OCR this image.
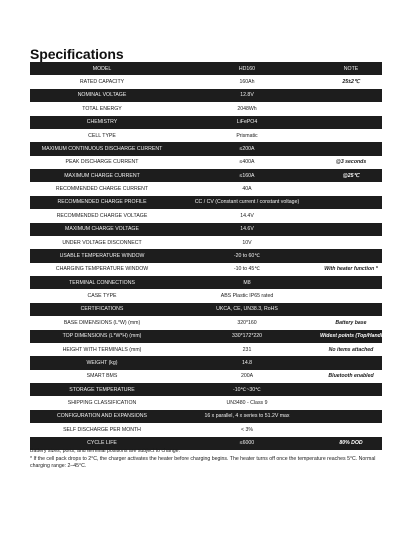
Specifications
MODEL	HD160	NOTE
RATED CAPACITY	160Ah	25±2℃
NOMINAL VOLTAGE	12.8V	
TOTAL ENERGY	2048Wh	
CHEMISTRY	LiFePO4	
CELL TYPE	Prismatic	
MAXIMUM CONTINUOUS DISCHARGE CURRENT	≤200A	
PEAK DISCHARGE CURRENT	≤400A	@3 seconds
MAXIMUM CHARGE CURRENT	≤160A	@25℃
RECOMMENDED CHARGE CURRENT	40A	
RECOMMENDED CHARGE PROFILE	CC / CV (Constant current / constant voltage)	
RECOMMENDED CHARGE VOLTAGE	14.4V	
MAXIMUM CHARGE VOLTAGE	14.6V	
UNDER VOLTAGE DISCONNECT	10V	
USABLE TEMPERATURE WINDOW	-20 to 60℃	
CHARGING TEMPERATURE WINDOW	-10 to 45℃	With heater function *
TERMINAL CONNECTIONS	M8	
CASE TYPE	ABS Plastic IP65 rated	
CERTIFICATIONS	UKCA, CE, UN38.3, RoHS	
BASE DIMENSIONS (L*W) (mm)	320*160	Battery base
TOP DIMENSIONS (L*W*H) (mm)	330*172*220	Widest points (Top/Handles)
HEIGHT WITH TERMINALS (mm)	231	No items attached
WEIGHT (kg)	14.8	
SMART BMS	200A	Bluetooth enabled
STORAGE TEMPERATURE	-10℃~30℃	
SHIPPING CLASSIFICATION	UN3480 - Class 9	
CONFIGURATION AND EXPANSIONS	16 x parallel, 4 x series to 51.2V max	
SELF DISCHARGE PER MONTH	< 3%	
CYCLE LIFE	≤6000	80% DOD

Battery sizes, ports, and terminal positions are subject to change.

* If the cell pack drops to 2°C, the charger activates the heater before charging begins. The heater turns off once the temperature reaches 5°C. Normal charging range: 2–45°C.
